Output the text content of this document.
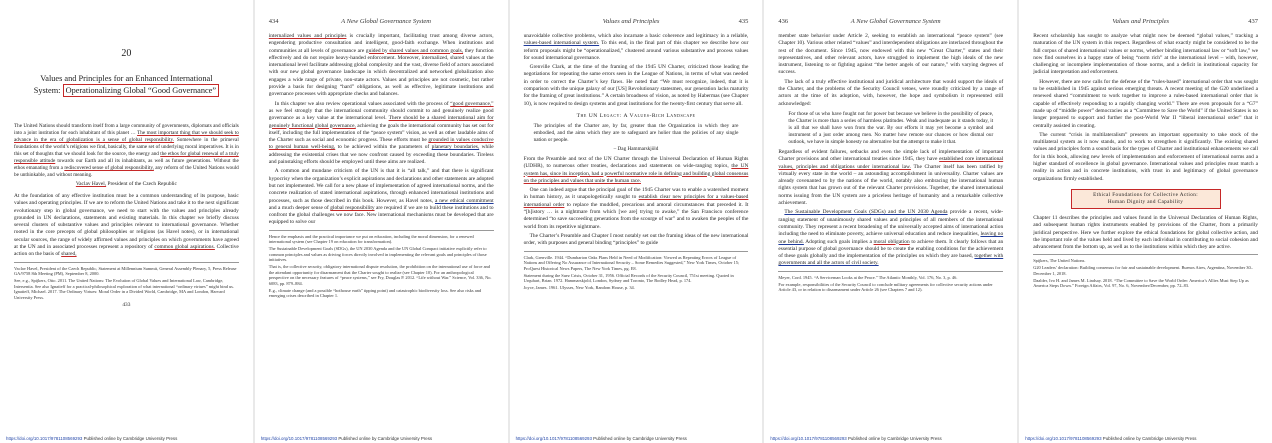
20
Values and Principles for an Enhanced International
System: Operationalizing Global “Good Governance”

The United Nations should transform itself from a large community of governments, diplomats and officials into a joint institution for each inhabitant of this planet … The most important thing that we should seek to advance in the era of globalization is a sense of global responsibility. Somewhere in the primeval foundations of the world’s religions we find, basically, the same set of underlying moral imperatives. It is in this set of thoughts that we should look for the source, the energy and the ethos for global renewal of a truly responsible attitude towards our Earth and all its inhabitants, as well as future generations. Without the ethos emanating from a rediscovered sense of global responsibility, any reform of the United Nations would be unthinkable, and without meaning.

Vaclav Havel, President of the Czech Republic

At the foundation of any effective institution must be a common understanding of its purpose, basic values and operating principles. If we are to reform the United Nations and take it to the next significant evolutionary step in global governance, we need to start with the values and principles already grounded in UN declarations, statements and existing materials. In this chapter we briefly discuss several clusters of substantive values and principles relevant to international governance. Whether rooted in the core precepts of global philosophies or religions (as Havel notes), or in international secular sources, the range of widely affirmed values and principles on which governments have agreed at the UN and in associated processes represent a repository of common global aspirations. Collective action on the basis of shared,

Vaclav Havel, President of the Czech Republic, Statement at Millennium Summit, General Assembly Plenary, 5, Press Release GA/9758 8th Meeting (PM), September 8, 2000.

See, e.g., Spijkers, Otto. 2011. The United Nations: The Evolution of Global Values and International Law, Cambridge, Intersentia. See also Ignatieff for a practical-philosophical exploration of what international “ordinary virtues” might bind us. Ignatieff, Michael. 2017. The Ordinary Virtues: Moral Order in a Divided World, Cambridge, MA and London, Harvard University Press.

433
https://doi.org/10.1017/9781108569293 Published online by Cambridge University Press
434	A New Global Governance System

internalized values and principles is crucially important, facilitating trust among diverse actors, engendering productive consultation and intelligent, good-faith exchange. When institutions and communities at all levels of governance are guided by shared values and common goals, they function effectively and do not require heavy-handed enforcement. Moreover, internalized, shared values at the international level facilitate addressing global complexity and the vast, diverse field of actors associated with our new global governance landscape in which decentralized and networked globalization also engages a wide range of private, non-state actors. Values and principles are not cosmetic, but rather provide a basis for designing “hard” obligations, as well as effective, legitimate institutions and governance processes with appropriate checks and balances.

In this chapter we also review operational values associated with the process of “good governance,” as we feel strongly that the international community should commit to and genuinely realize good governance as a key value at the international level. There should be a shared international aim for genuinely functional global governance, achieving the goals the international community has set out for itself, including the full implementation of the “peace system” vision, as well as other laudable aims of the Charter such as social and economic progress. These efforts must be grounded in values conducive to general human well-being, to be achieved within the parameters of planetary boundaries, while addressing the existential crises that we now confront caused by exceeding these boundaries. Tireless and painstaking efforts should be employed until these aims are realized.

A common and mundane criticism of the UN is that it is “all talk,” and that there is significant hypocrisy when the organization’s explicit aspirations and declarations and other statements are adopted but not implemented. We call for a new phase of implementation of agreed international norms, and the concrete realization of stated international aspirations, through enhanced international institutions and processes, such as those described in this book. However, as Havel notes, a new ethical commitment and a much deeper sense of global responsibility are required if we are to build these institutions and to confront the global challenges we now face. New international mechanisms must be developed that are equipped to solve our

Hence the emphasis and the practical importance we put on education, including the moral dimension, for a renewed international system (see Chapter 19 on education for transformation).

The Sustainable Development Goals (SDGs), the UN 2030 Agenda and the UN Global Compact initiative explicitly refer to common principles and values as driving forces directly involved in implementing the relevant goals and principles of those initiatives.

That is, the collective security, obligatory international dispute resolution, the prohibition on the international use of force and the attendant opportunity for disarmament that the Charter sought to realize (see Chapter 10). For an anthropological perspective on the necessary features of “peace systems,” see Fry, Douglas P. 2012. “Life without War.” Science, Vol. 336, No. 6083, pp. 879–884.

E.g., climate change (and a possible “hothouse earth” tipping point) and catastrophic biodiversity loss. See also risks and emerging crises described in Chapter 1.

https://doi.org/10.1017/9781108569293 Published online by Cambridge University Press
Values and Principles	435

unavoidable collective problems, which also incarnate a basic coherence and legitimacy in a reliable, values-based international system. To this end, in the final part of this chapter we describe how our reform proposals might be “operationalized,” clustered around various substantive and process values for sound international governance.

Grenville Clark, at the time of the framing of the 1945 UN Charter, criticized those leading the negotiations for repeating the same errors seen in the League of Nations, in terms of what was needed in order to correct the Charter’s key flaws. He noted that “We must recognize, indeed, that it is comparison with the unique galaxy of our [US] Revolutionary statesmen, our generation lacks maturity for the framing of great institutions.” A certain broadness of vision, as noted by Habermas (see Chapter 10), is now required to design systems and great institutions for the twenty-first century that serve all.

The UN Legacy: A Values-Rich Landscape
The principles of the Charter are, by far, greater than the Organization in which they are embodied, and the aims which they are to safeguard are holier than the policies of any single nation or people.
– Dag Hammarskjöld

From the Preamble and text of the UN Charter through the Universal Declaration of Human Rights (UDHR), to numerous other treaties, declarations and statements on wide-ranging topics, the UN system has, since its inception, had a powerful normative role in defining and building global consensus on the principles and values that unite the human race.

One can indeed argue that the principal goal of the 1945 Charter was to enable a watershed moment in human history, as it unapologetically sought to establish clear new principles for a values-based international order to replace the muddled, precarious and amoral circumstances that preceded it. It “[h]istory … is a nightmare from which [we are] trying to awake,” the San Francisco conference determined “to save succeeding generations from the scourge of war” and to awaken the peoples of the world from its repetitive nightmare.

The Charter’s Preamble and Chapter I most notably set out the framing ideas of the new international order, with purposes and general binding “principles” to guide

Clark, Grenville. 1944. “Dumbarton Oaks Plans Held in Need of Modification: Viewed as Repeating Errors of League of Nations and Offering No Assurance of International Security – Some Remedies Suggested,” New York Times, October 15; ProQuest Historical News Papers, The New York Times, pg. E8.

Statement during the Suez Crisis, October 31, 1956. Official Records of the Security Council, 751st meeting. Quoted in Urquhart, Brian. 1972. Hammarskjold, London, Sydney and Toronto, The Bodley Head, p. 174.

Joyce, James. 1961. Ulysses, New York, Random House, p. 34.

https://doi.org/10.1017/9781108569293 Published online by Cambridge University Press
436	A New Global Governance System

member state behavior under Article 2, seeking to establish an international “peace system” (see Chapter 10). Various other related “values” and interdependent obligations are interlaced throughout the rest of the document. Since 1945, now endowed with this new “Great Charter,” states and their representatives, and other relevant actors, have struggled to implement the high ideals of the new instrument, listening to or fighting against “the better angels of our nature,” with varying degrees of success.

The lack of a truly effective institutional and juridical architecture that would support the ideals of the Charter, and the problems of the Security Council vetoes, were roundly criticized by a range of actors at the time of its adoption, with, however, the hope and symbolism it represented still acknowledged:

For those of us who have fought not for power but because we believe in the possibility of peace, the Charter is more than a series of harmless platitudes. Weak and inadequate as it stands today, it is all that we shall have won from the war. By our efforts it may yet become a symbol and instrument of a just order among men. No matter how remote our chances or how dismal our outlook, we have in simple honesty no alternative but the attempt to make it that.

Regardless of evident failures, setbacks and even the simple lack of implementation of important Charter provisions and other international treaties since 1945, they have established core international values, principles and obligations under international law. The Charter itself has been ratified by virtually every state in the world – an astounding accomplishment in universality. Charter values are already covenanted to by the nations of the world, notably also embracing the international human rights system that has grown out of the relevant Charter provisions. Together, the shared international norms issuing from the UN system are a priceless heritage of humanity and a remarkable collective achievement.

The Sustainable Development Goals (SDGs) and the UN 2030 Agenda provide a recent, wide-ranging statement of unanimously shared values and principles of all members of the international community. They represent a recent broadening of the universally accepted aims of international action including the need to eliminate poverty, achieve universal education and reduce inequalities, leaving no one behind. Adopting such goals implies a moral obligation to achieve them. It clearly follows that an essential purpose of global governance should be to create the enabling conditions for the achievement of these goals globally and the implementation of the principles on which they are based, together with governments and all the actors of civil society.

Meyer, Cord. 1945. “A Serviceman Looks at the Peace.” The Atlantic Monthly, Vol. 176, No. 3, p. 46.

For example, responsibilities of the Security Council to conclude military agreements for collective security actions under Article 43, or in relation to disarmament under Article 26 (see Chapters 7 and 12).

https://doi.org/10.1017/9781108569293 Published online by Cambridge University Press
Values and Principles	437

Recent scholarship has sought to analyze what might now be deemed “global values,” tracking a maturation of the UN system in this respect. Regardless of what exactly might be considered to be the full corpus of shared international values or norms, whether binding international law or “soft law,” we now find ourselves in a happy state of being “norm rich” at the international level – with, however, challenging or incomplete implementation of those norms, and a deficit in institutional capacity for judicial interpretation and enforcement.

However, there are now calls for the defense of the “rules-based” international order that was sought to be established in 1945 against serious emerging threats. A recent meeting of the G20 underlined a renewed shared “commitment to work together to improve a rules-based international order that is capable of effectively responding to a rapidly changing world.” There are even proposals for a “G7” made up of “middle power” democracies as a “Committee to Save the World” if the United States is no longer prepared to support and further the post-World War II “liberal international order” that it centrally assisted in creating.

The current “crisis in multilateralism” presents an important opportunity to take stock of the multilateral system as it now stands, and to work to strengthen it significantly. The existing shared values and principles form a sound basis for the types of Charter and institutional enhancements we call for in this book, allowing new levels of implementation and enforcement of international norms and a higher standard of excellence in global governance. International values and principles must match a reality in action and in concrete institutions, with trust in and legitimacy of global governance organizations firmly established.

Ethical Foundations for Collective Action:
Human Dignity and Capability

Chapter 11 describes the principles and values found in the Universal Declaration of Human Rights, and subsequent human rights instruments enabled by provisions of the Charter, from a primarily juridical perspective. Here we further explore the ethical foundations for global collective action, and the important role of the values held and lived by each individual in contributing to social cohesion and advancement from the bottom up, as well as to the institutions within which they are active.

Spijkers, The United Nations.

G20 Leaders’ declaration: Building consensus for fair and sustainable development. Buenos Aires, Argentina, November 30–December 1, 2018.

Daalder, Ivo H. and James M. Lindsay. 2018. “The Committee to Save the World Order: America’s Allies Must Step Up as America Steps Down.” Foreign Affairs, Vol. 97, No. 6, November/December, pp. 72–83.

https://doi.org/10.1017/9781108569293 Published online by Cambridge University Press
